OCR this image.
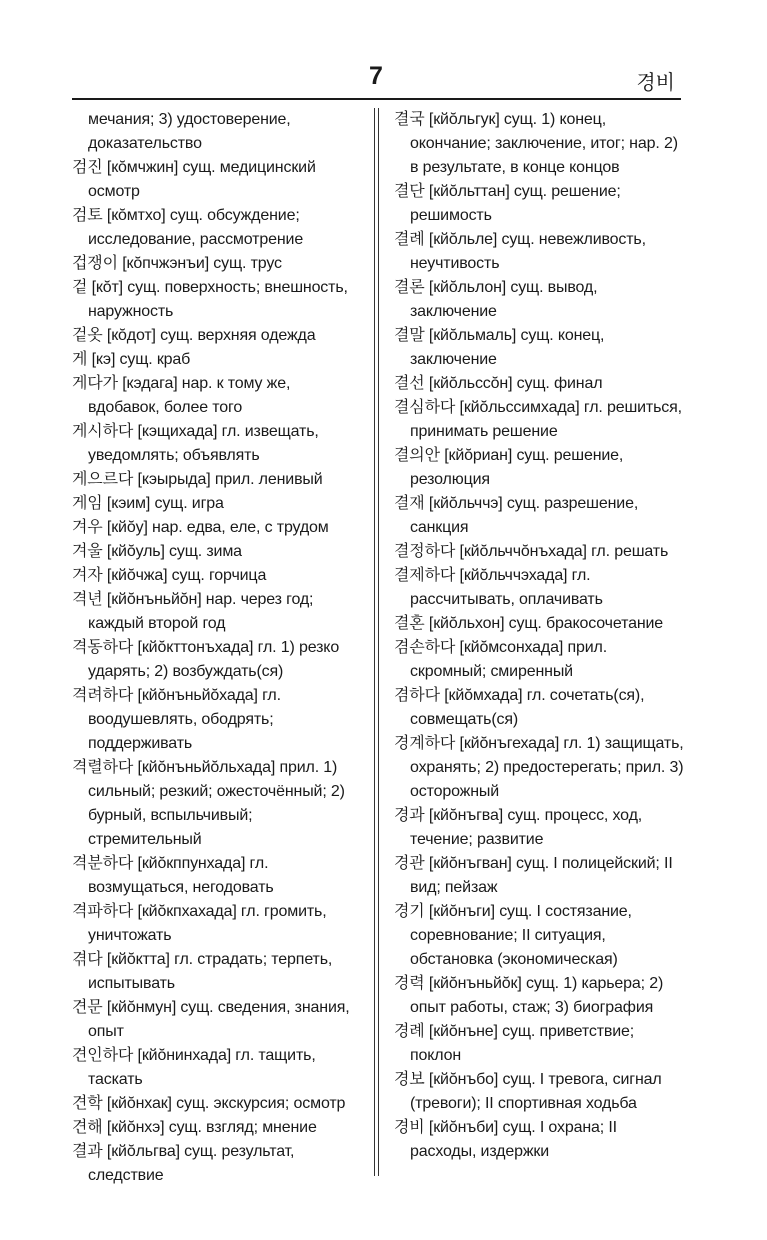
7	경비
мечания; 3) удостоверение, доказательство
검진 [кŏмчжин] сущ. медицинский осмотр
검토 [кŏмтхо] сущ. обсуждение; исследование, рассмотрение
겁쟁이 [кŏпчжэнъи] сущ. трус
겉 [кŏт] сущ. поверхность; внешность, наружность
겉옷 [кŏдот] сущ. верхняя одежда
게 [кэ] сущ. краб
게다가 [кэдага] нар. к тому же, вдобавок, более того
게시하다 [кэщихада] гл. извещать, уведомлять; объявлять
게으르다 [кэырыда] прил. ленивый
게임 [кэим] сущ. игра
겨우 [кйŏу] нар. едва, еле, с трудом
겨울 [кйŏуль] сущ. зима
겨자 [кйŏчжа] сущ. горчица
격년 [кйŏнъньйŏн] нар. через год; каждый второй год
격동하다 [кйŏкттонъхада] гл. 1) резко ударять; 2) возбуждать(ся)
격려하다 [кйŏнъньйŏхада] гл. воодушевлять, ободрять; поддерживать
격렬하다 [кйŏнъньйŏльхада] прил. 1) сильный; резкий; ожесточённый; 2) бурный, вспыльчивый; стремительный
격분하다 [кйŏкппунхада] гл. возмущаться, негодовать
격파하다 [кйŏкпхахада] гл. громить, уничтожать
겪다 [кйŏктта] гл. страдать; терпеть, испытывать
견문 [кйŏнмун] сущ. сведения, знания, опыт
견인하다 [кйŏнинхада] гл. тащить, таскать
견학 [кйŏнхак] сущ. экскурсия; осмотр
견해 [кйŏнхэ] сущ. взгляд; мнение
결과 [кйŏльгва] сущ. результат, следствие
결국 [кйŏльгук] сущ. 1) конец, окончание; заключение, итог; нар. 2) в результате, в конце концов
결단 [кйŏльттан] сущ. решение; решимость
결례 [кйŏльле] сущ. невежливость, неучтивость
결론 [кйŏльлон] сущ. вывод, заключение
결말 [кйŏльмаль] сущ. конец, заключение
결선 [кйŏльссŏн] сущ. финал
결심하다 [кйŏльссимхада] гл. решиться, принимать решение
결의안 [кйŏриан] сущ. решение, резолюция
결재 [кйŏльччэ] сущ. разрешение, санкция
결정하다 [кйŏльччŏнъхада] гл. решать
결제하다 [кйŏльччэхада] гл. рассчитывать, оплачивать
결혼 [кйŏльхон] сущ. бракосочетание
겸손하다 [кйŏмсонхада] прил. скромный; смиренный
겸하다 [кйŏмхада] гл. сочетать(ся), совмещать(ся)
경계하다 [кйŏнъгехада] гл. 1) защищать, охранять; 2) предостерегать; прил. 3) осторожный
경과 [кйŏнъгва] сущ. процесс, ход, течение; развитие
경관 [кйŏнъгван] сущ. I полицейский; II вид; пейзаж
경기 [кйŏнъги] сущ. I состязание, соревнование; II ситуация, обстановка (экономическая)
경력 [кйŏнъньйŏк] сущ. 1) карьера; 2) опыт работы, стаж; 3) биография
경례 [кйŏнъне] сущ. приветствие; поклон
경보 [кйŏнъбо] сущ. I тревога, сигнал (тревоги); II спортивная ходьба
경비 [кйŏнъби] сущ. I охрана; II расходы, издержки
